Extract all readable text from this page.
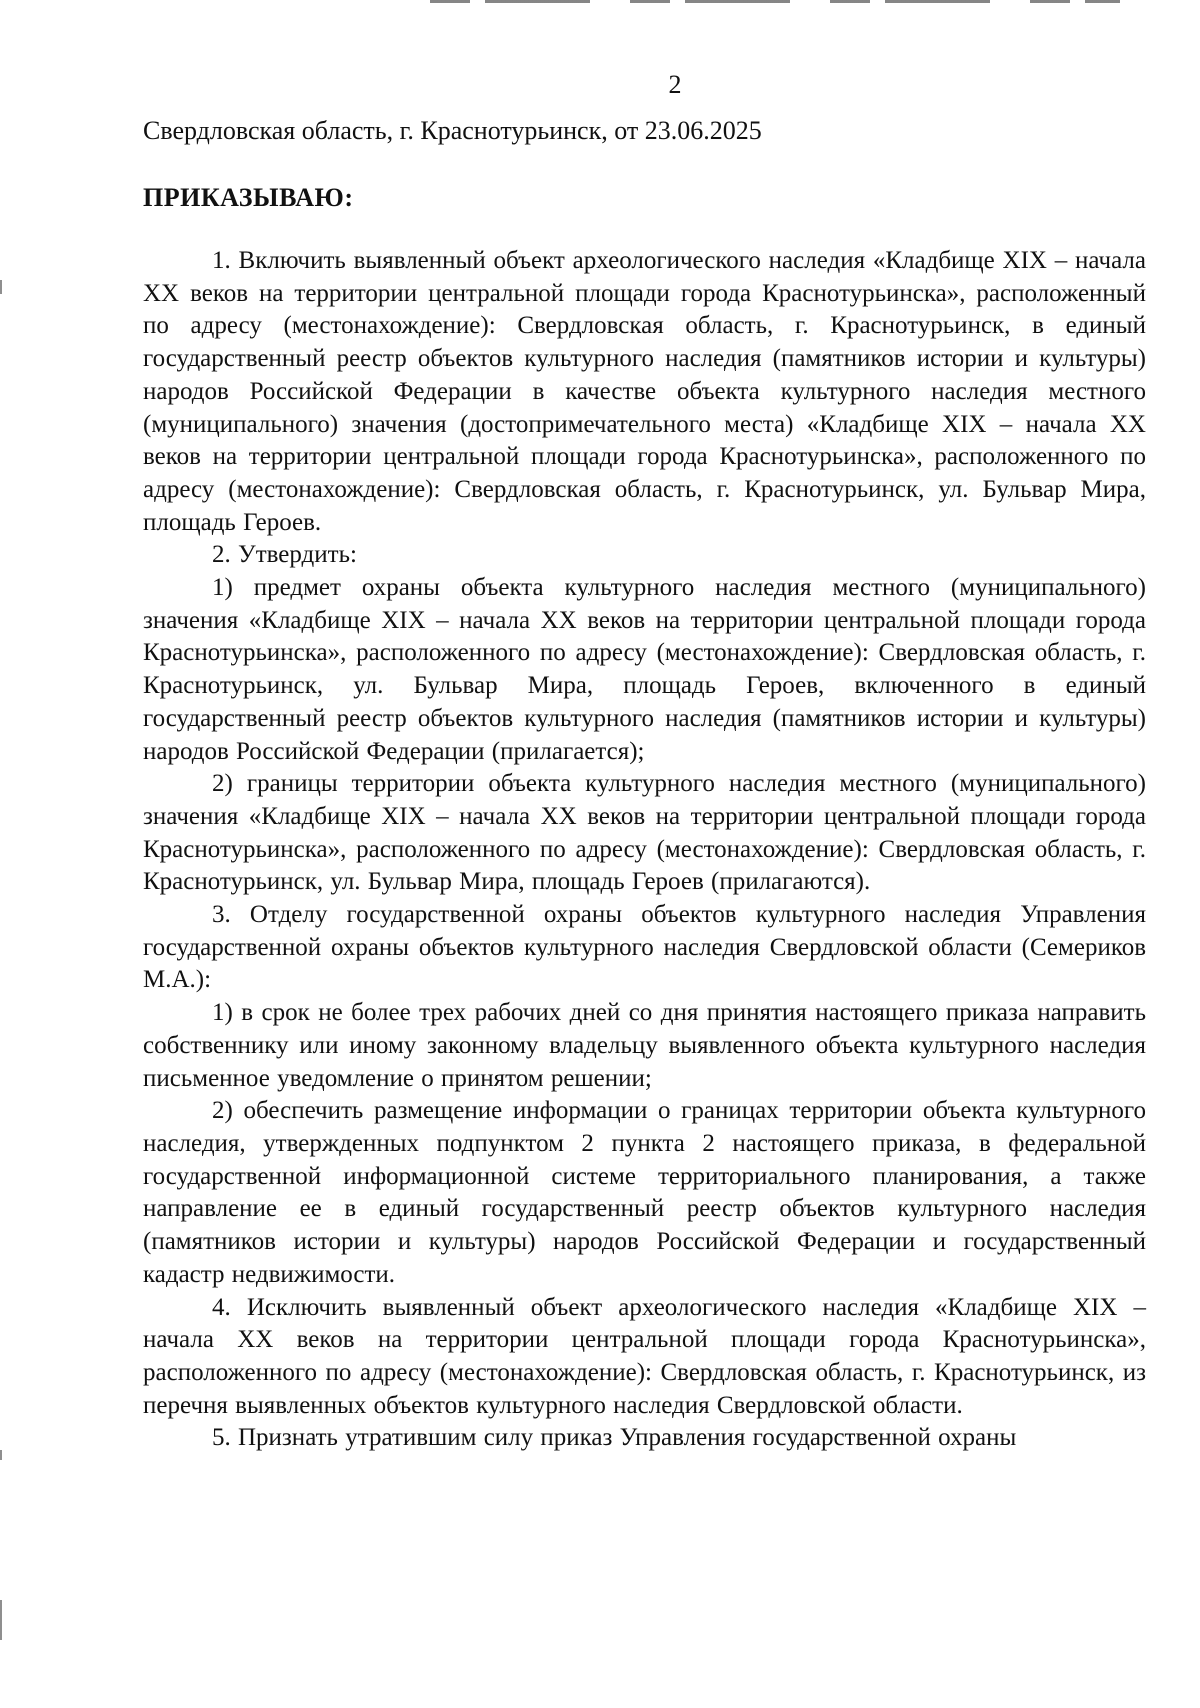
2
Свердловская область, г. Краснотурьинск, от 23.06.2025
ПРИКАЗЫВАЮ:

1. Включить выявленный объект археологического наследия «Кладбище XIX – начала XX веков на территории центральной площади города Краснотурьинска», расположенный по адресу (местонахождение): Свердловская область, г. Краснотурьинск, в единый государственный реестр объектов культурного наследия (памятников истории и культуры) народов Российской Федерации в качестве объекта культурного наследия местного (муниципального) значения (достопримечательного места) «Кладбище XIX – начала XX веков на территории центральной площади города Краснотурьинска», расположенного по адресу (местонахождение): Свердловская область, г. Краснотурьинск, ул. Бульвар Мира, площадь Героев.

2. Утвердить:

1) предмет охраны объекта культурного наследия местного (муниципального) значения «Кладбище XIX – начала XX веков на территории центральной площади города Краснотурьинска», расположенного по адресу (местонахождение): Свердловская область, г. Краснотурьинск, ул. Бульвар Мира, площадь Героев, включенного в единый государственный реестр объектов культурного наследия (памятников истории и культуры) народов Российской Федерации (прилагается);

2) границы территории объекта культурного наследия местного (муниципального) значения «Кладбище XIX – начала XX веков на территории центральной площади города Краснотурьинска», расположенного по адресу (местонахождение): Свердловская область, г. Краснотурьинск, ул. Бульвар Мира, площадь Героев (прилагаются).

3. Отделу государственной охраны объектов культурного наследия Управления государственной охраны объектов культурного наследия Свердловской области (Семериков М.А.):

1) в срок не более трех рабочих дней со дня принятия настоящего приказа направить собственнику или иному законному владельцу выявленного объекта культурного наследия письменное уведомление о принятом решении;

2) обеспечить размещение информации о границах территории объекта культурного наследия, утвержденных подпунктом 2 пункта 2 настоящего приказа, в федеральной государственной информационной системе территориального планирования, а также направление ее в единый государственный реестр объектов культурного наследия (памятников истории и культуры) народов Российской Федерации и государственный кадастр недвижимости.

4. Исключить выявленный объект археологического наследия «Кладбище XIX – начала XX веков на территории центральной площади города Краснотурьинска», расположенного по адресу (местонахождение): Свердловская область, г. Краснотурьинск, из перечня выявленных объектов культурного наследия Свердловской области.

5. Признать утратившим силу приказ Управления государственной охраны
